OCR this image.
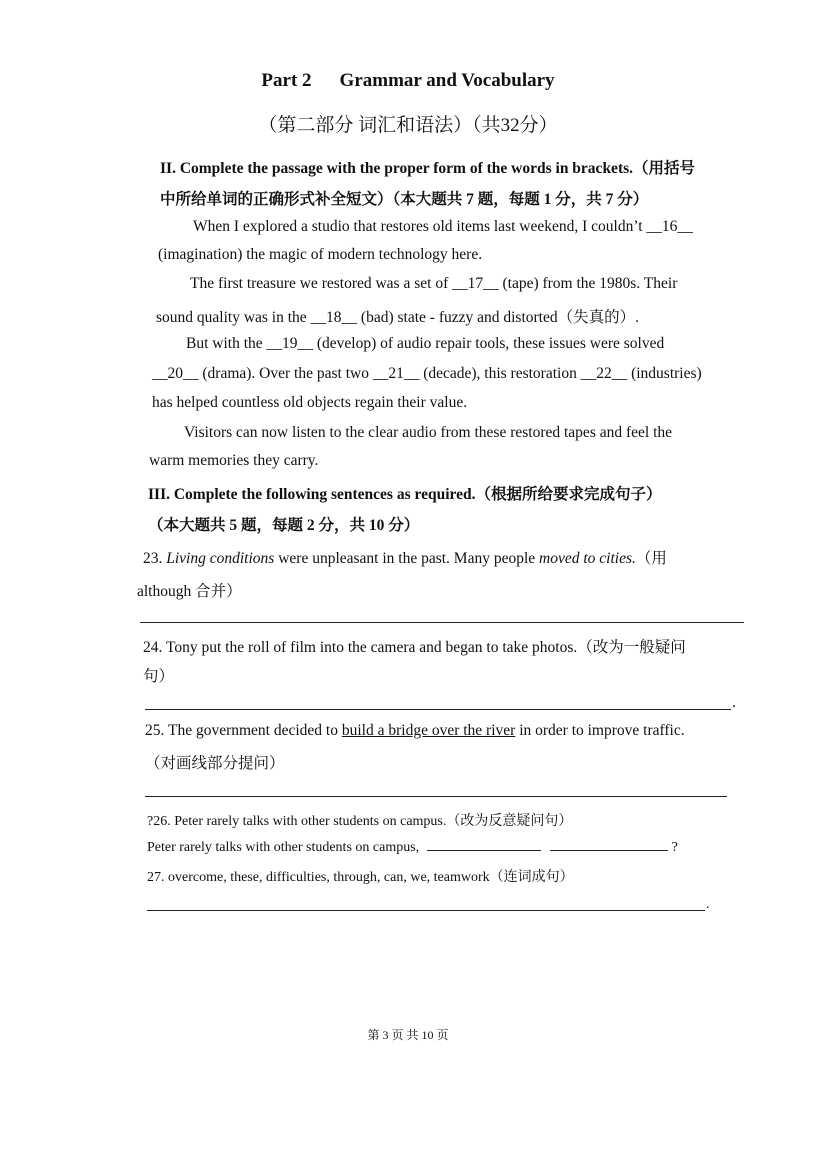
Part 2 Grammar and Vocabulary
（第二部分 词汇和语法）（共32分）
II. Complete the passage with the proper form of the words in brackets.（用括号
中所给单词的正确形式补全短文）（本大题共 7 题，每题 1 分，共 7 分）
When I explored a studio that restores old items last weekend, I couldn’t __16__
(imagination) the magic of modern technology here.
The first treasure we restored was a set of __17__ (tape) from the 1980s. Their
sound quality was in the __18__ (bad) state - fuzzy and distorted（失真的）.
But with the __19__ (develop) of audio repair tools, these issues were solved
__20__ (drama). Over the past two __21__ (decade), this restoration __22__ (industries)
has helped countless old objects regain their value.
Visitors can now listen to the clear audio from these restored tapes and feel the
warm memories they carry.
III. Complete the following sentences as required.（根据所给要求完成句子）
（本大题共 5 题，每题 2 分，共 10 分）
23. Living conditions were unpleasant in the past. Many people moved to cities.（用
although 合并）
24. Tony put the roll of film into the camera and began to take photos.（改为一般疑问
句）
.
25. The government decided to build a bridge over the river in order to improve traffic.
（对画线部分提问）
?26. Peter rarely talks with other students on campus.（改为反意疑问句）
Peter rarely talks with other students on campus,	?
27. overcome, these, difficulties, through, can, we, teamwork（连词成句）
.
第 3 页 共 10 页
